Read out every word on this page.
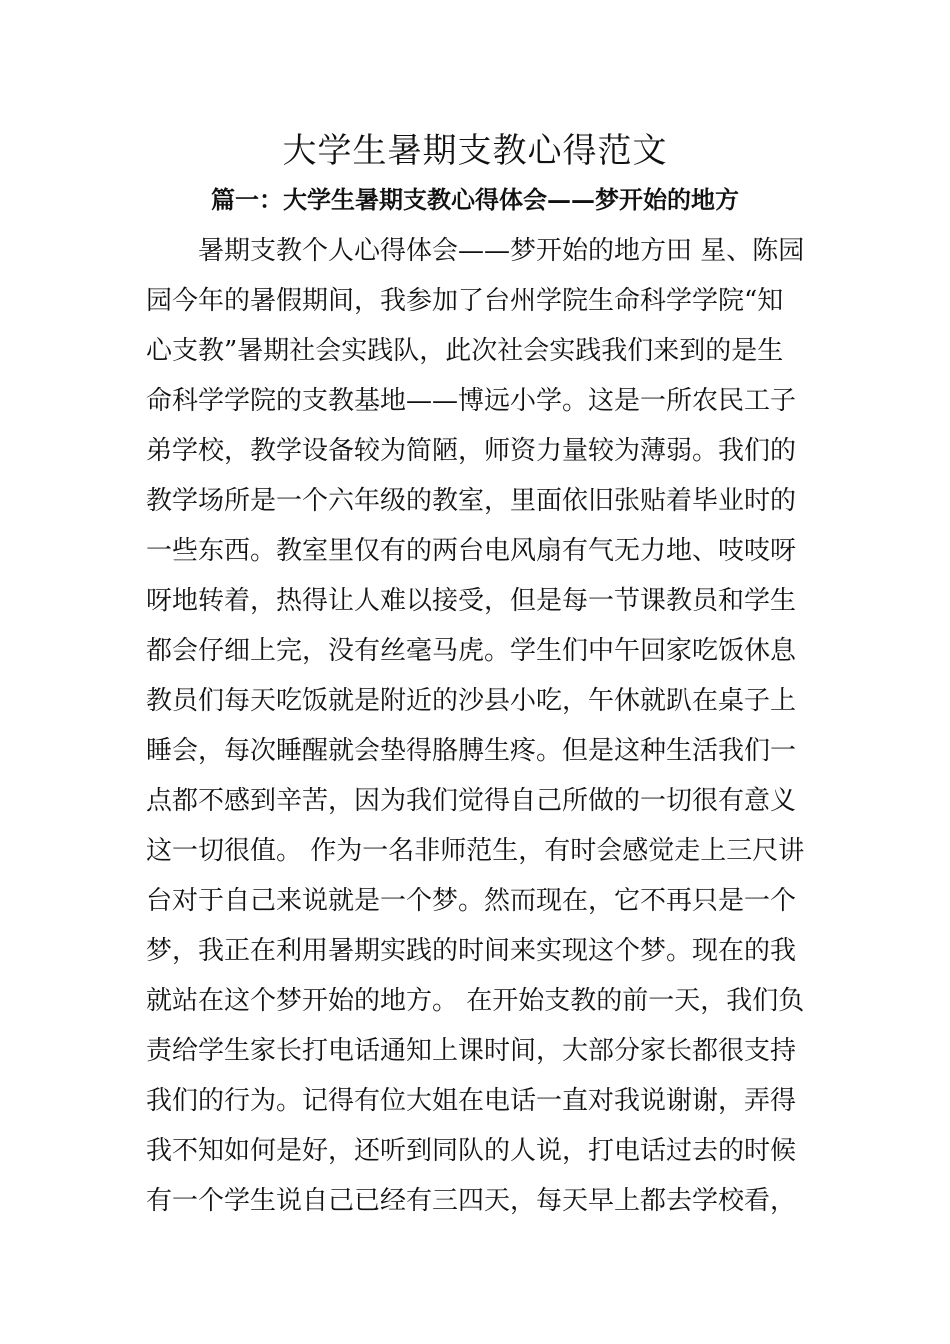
大学生暑期支教心得范文
篇一：大学生暑期支教心得体会——梦开始的地方
暑期支教个人心得体会——梦开始的地方田 星、陈园
园今年的暑假期间，我参加了台州学院生命科学学院“知
心支教”暑期社会实践队，此次社会实践我们来到的是生
命科学学院的支教基地——博远小学。这是一所农民工子
弟学校，教学设备较为简陋，师资力量较为薄弱。我们的
教学场所是一个六年级的教室，里面依旧张贴着毕业时的
一些东西。教室里仅有的两台电风扇有气无力地、吱吱呀
呀地转着，热得让人难以接受，但是每一节课教员和学生
都会仔细上完，没有丝毫马虎。学生们中午回家吃饭休息
教员们每天吃饭就是附近的沙县小吃，午休就趴在桌子上
睡会，每次睡醒就会垫得胳膊生疼。但是这种生活我们一
点都不感到辛苦，因为我们觉得自己所做的一切很有意义
这一切很值。 作为一名非师范生，有时会感觉走上三尺讲
台对于自己来说就是一个梦。然而现在，它不再只是一个
梦，我正在利用暑期实践的时间来实现这个梦。现在的我
就站在这个梦开始的地方。 在开始支教的前一天，我们负
责给学生家长打电话通知上课时间，大部分家长都很支持
我们的行为。记得有位大姐在电话一直对我说谢谢，弄得
我不知如何是好，还听到同队的人说，打电话过去的时候
有一个学生说自己已经有三四天，每天早上都去学校看，
